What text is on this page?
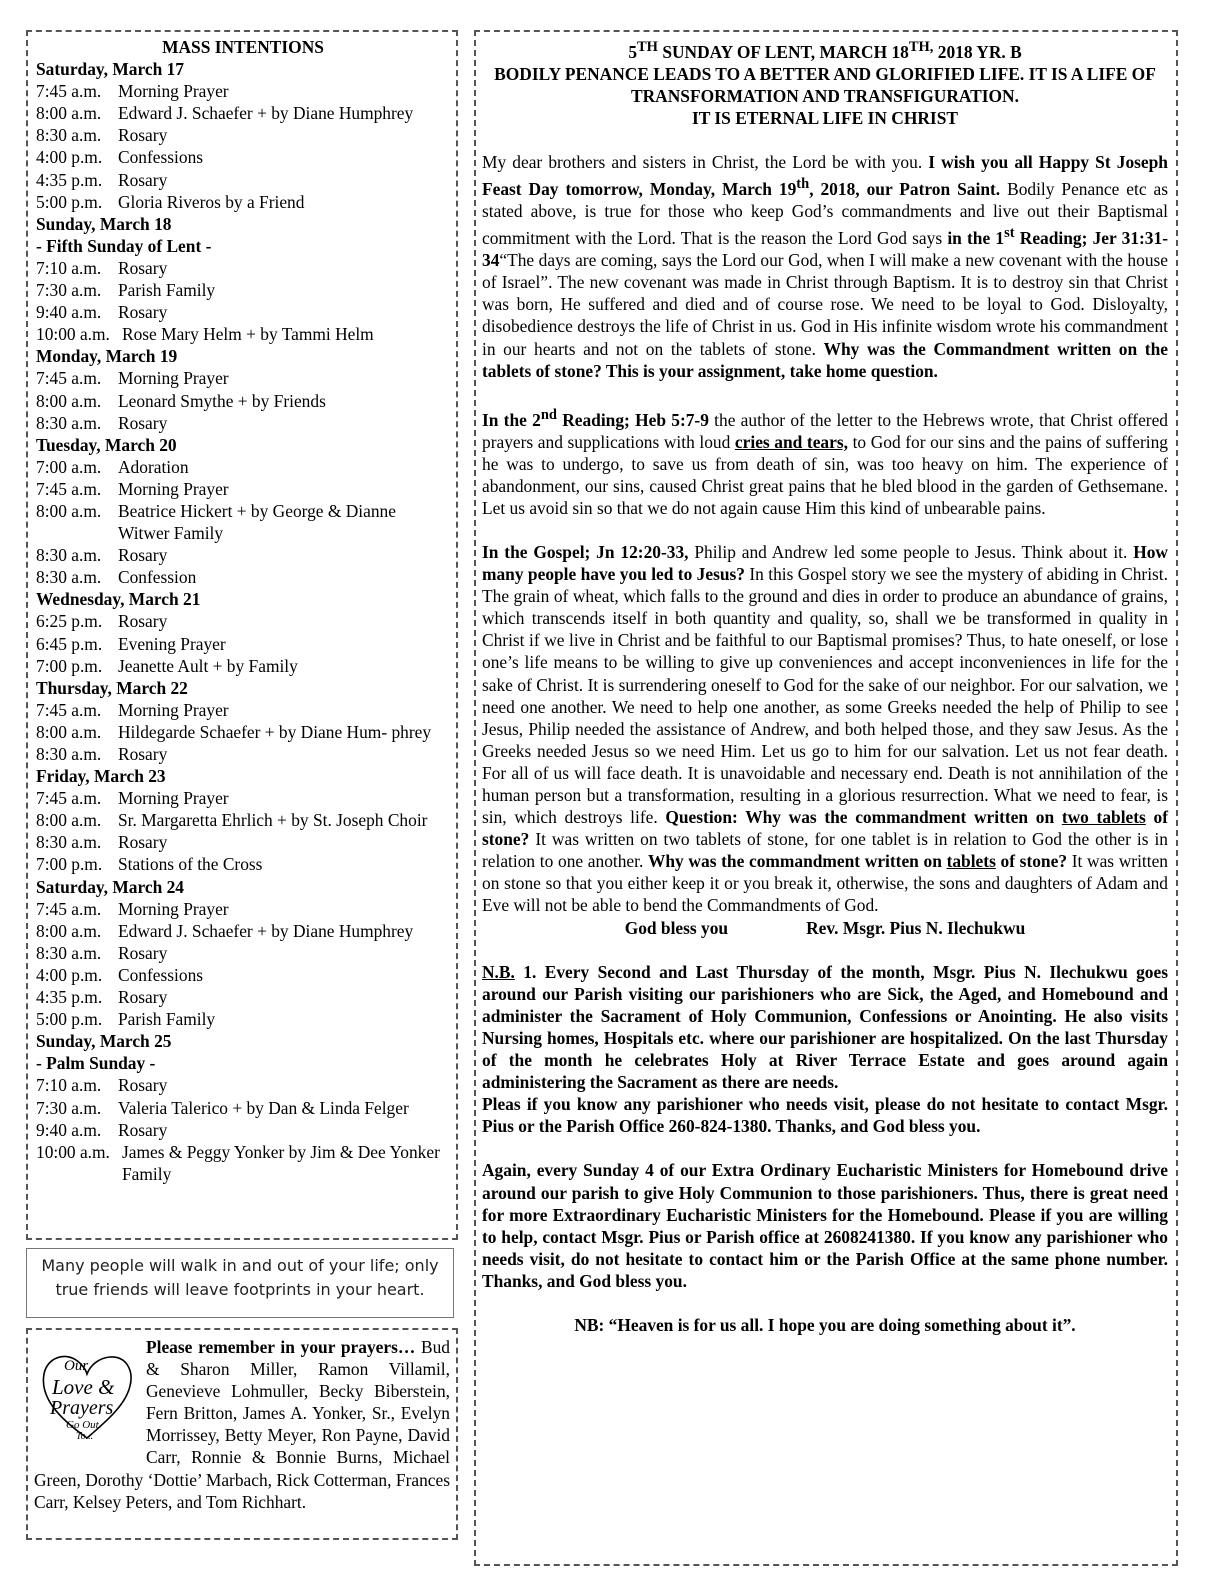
MASS INTENTIONS
Saturday, March 17
7:45 a.m. Morning Prayer
8:00 a.m. Edward J. Schaefer + by Diane Humphrey
8:30 a.m. Rosary
4:00 p.m. Confessions
4:35 p.m. Rosary
5:00 p.m. Gloria Riveros by a Friend
Sunday, March 18
- Fifth Sunday of Lent -
7:10 a.m. Rosary
7:30 a.m. Parish Family
9:40 a.m. Rosary
10:00 a.m. Rose Mary Helm + by Tammi Helm
Monday, March 19
7:45 a.m. Morning Prayer
8:00 a.m. Leonard Smythe + by Friends
8:30 a.m. Rosary
Tuesday, March 20
7:00 a.m. Adoration
7:45 a.m. Morning Prayer
8:00 a.m. Beatrice Hickert + by George & Dianne Witwer Family
8:30 a.m. Rosary
8:30 a.m. Confession
Wednesday, March 21
6:25 p.m. Rosary
6:45 p.m. Evening Prayer
7:00 p.m. Jeanette Ault + by Family
Thursday, March 22
7:45 a.m. Morning Prayer
8:00 a.m. Hildegarde Schaefer + by Diane Hum- phrey
8:30 a.m. Rosary
Friday, March 23
7:45 a.m. Morning Prayer
8:00 a.m. Sr. Margaretta Ehrlich + by St. Joseph Choir
8:30 a.m. Rosary
7:00 p.m. Stations of the Cross
Saturday, March 24
7:45 a.m. Morning Prayer
8:00 a.m. Edward J. Schaefer + by Diane Humphrey
8:30 a.m. Rosary
4:00 p.m. Confessions
4:35 p.m. Rosary
5:00 p.m. Parish Family
Sunday, March 25
- Palm Sunday -
7:10 a.m. Rosary
7:30 a.m. Valeria Talerico + by Dan & Linda Felger
9:40 a.m. Rosary
10:00 a.m. James & Peggy Yonker by Jim & Dee Yonker Family
Many people will walk in and out of your life; only true friends will leave footprints in your heart.
Our
Love &
Prayers
Go Out
To...
Please remember in your prayers… Bud & Sharon Miller, Ramon Villamil, Genevieve Lohmuller, Becky Biberstein, Fern Britton, James A. Yonker, Sr., Evelyn Morrissey, Betty Meyer, Ron Payne, David Carr, Ronnie & Bonnie Burns, Michael Green, Dorothy ‘Dottie’ Marbach, Rick Cotterman, Frances Carr, Kelsey Peters, and Tom Richhart.
5TH SUNDAY OF LENT, MARCH $18^{TH,}$ 2018 YR. B
BODILY PENANCE LEADS TO A BETTER AND GLORIFIED LIFE. IT IS A LIFE OF TRANSFORMATION AND TRANSFIGURATION.
IT IS ETERNAL LIFE IN CHRIST

My dear brothers and sisters in Christ, the Lord be with you. I wish you all Happy St Joseph Feast Day tomorrow, Monday, March 19th, 2018, our Patron Saint. Bodily Penance etc as stated above, is true for those who keep God’s commandments and live out their Baptismal commitment with the Lord. That is the reason the Lord God says in the 1st Reading; Jer 31:31-34“The days are coming, says the Lord our God, when I will make a new covenant with the house of Israel”. The new covenant was made in Christ through Baptism. It is to destroy sin that Christ was born, He suffered and died and of course rose. We need to be loyal to God. Disloyalty, disobedience destroys the life of Christ in us. God in His infinite wisdom wrote his commandment in our hearts and not on the tablets of stone. Why was the Commandment written on the tablets of stone? This is your assignment, take home question.

In the 2nd Reading; Heb 5:7-9 the author of the letter to the Hebrews wrote, that Christ offered prayers and supplications with loud cries and tears, to God for our sins and the pains of suffering he was to undergo, to save us from death of sin, was too heavy on him. The experience of abandonment, our sins, caused Christ great pains that he bled blood in the garden of Gethsemane. Let us avoid sin so that we do not again cause Him this kind of unbearable pains.

In the Gospel; Jn 12:20-33, Philip and Andrew led some people to Jesus. Think about it. How many people have you led to Jesus? In this Gospel story we see the mystery of abiding in Christ. The grain of wheat, which falls to the ground and dies in order to produce an abundance of grains, which transcends itself in both quantity and quality, so, shall we be transformed in quality in Christ if we live in Christ and be faithful to our Baptismal promises? Thus, to hate oneself, or lose one’s life means to be willing to give up conveniences and accept inconveniences in life for the sake of Christ. It is surrendering oneself to God for the sake of our neighbor. For our salvation, we need one another. We need to help one another, as some Greeks needed the help of Philip to see Jesus, Philip needed the assistance of Andrew, and both helped those, and they saw Jesus. As the Greeks needed Jesus so we need Him. Let us go to him for our salvation. Let us not fear death. For all of us will face death. It is unavoidable and necessary end. Death is not annihilation of the human person but a transformation, resulting in a glorious resurrection. What we need to fear, is sin, which destroys life. Question: Why was the commandment written on two tablets of stone? It was written on two tablets of stone, for one tablet is in relation to God the other is in relation to one another. Why was the commandment written on tablets of stone? It was written on stone so that you either keep it or you break it, otherwise, the sons and daughters of Adam and Eve will not be able to bend the Commandments of God.

God bless you	Rev. Msgr. Pius N. Ilechukwu

N.B. 1. Every Second and Last Thursday of the month, Msgr. Pius N. Ilechukwu goes around our Parish visiting our parishioners who are Sick, the Aged, and Homebound and administer the Sacrament of Holy Communion, Confessions or Anointing. He also visits Nursing homes, Hospitals etc. where our parishioner are hospitalized. On the last Thursday of the month he celebrates Holy at River Terrace Estate and goes around again administering the Sacrament as there are needs.

Pleas if you know any parishioner who needs visit, please do not hesitate to contact Msgr. Pius or the Parish Office 260-824-1380. Thanks, and God bless you.

Again, every Sunday 4 of our Extra Ordinary Eucharistic Ministers for Homebound drive around our parish to give Holy Communion to those parishioners. Thus, there is great need for more Extraordinary Eucharistic Ministers for the Homebound. Please if you are willing to help, contact Msgr. Pius or Parish office at 2608241380. If you know any parishioner who needs visit, do not hesitate to contact him or the Parish Office at the same phone number. Thanks, and God bless you.

NB: “Heaven is for us all. I hope you are doing something about it”.
